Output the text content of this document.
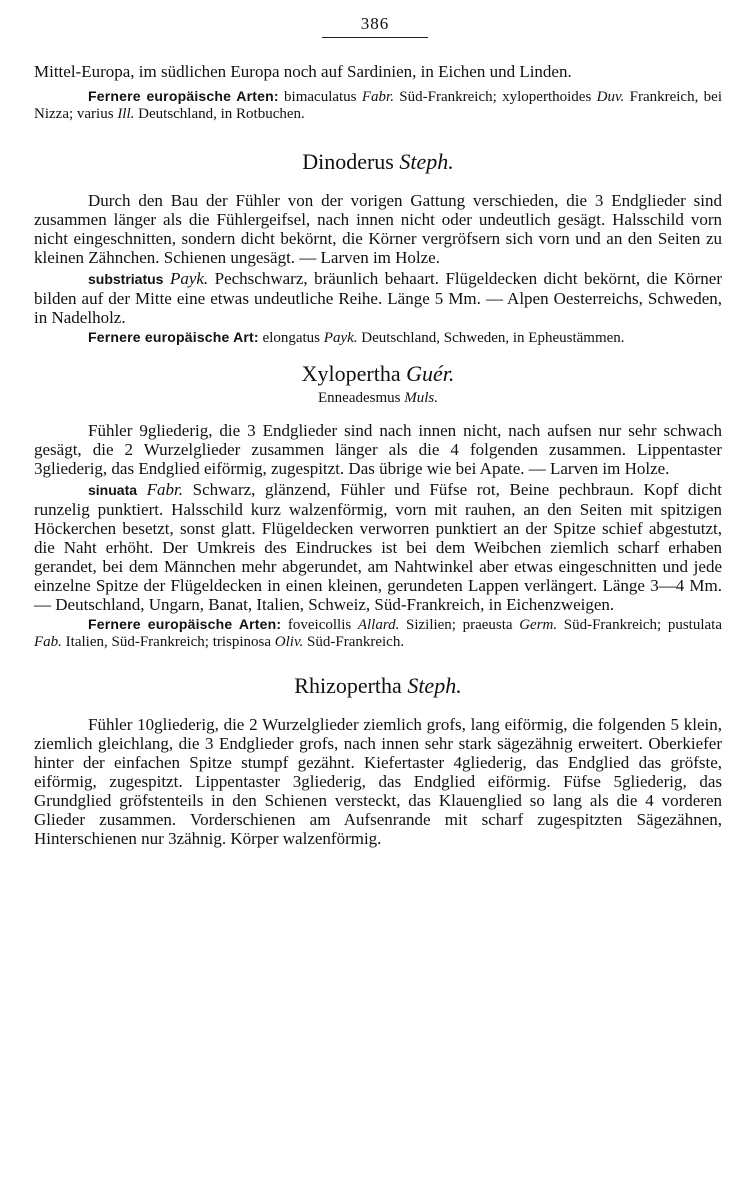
386

Mittel-Europa, im südlichen Europa noch auf Sardinien, in Eichen und Linden.

Fernere europäische Arten: bimaculatus Fabr. Süd-Frankreich; xyloperthoides Duv. Frankreich, bei Nizza; varius Ill. Deutschland, in Rotbuchen.

Dinoderus Steph.

Durch den Bau der Fühler von der vorigen Gattung verschieden, die 3 Endglieder sind zusammen länger als die Fühlergeifsel, nach innen nicht oder undeutlich gesägt. Halsschild vorn nicht eingeschnitten, sondern dicht bekörnt, die Körner vergröfsern sich vorn und an den Seiten zu kleinen Zähnchen. Schienen ungesägt. — Larven im Holze.

substriatus Payk. Pechschwarz, bräunlich behaart. Flügeldecken dicht bekörnt, die Körner bilden auf der Mitte eine etwas undeutliche Reihe. Länge 5 Mm. — Alpen Oesterreichs, Schweden, in Nadelholz.

Fernere europäische Art: elongatus Payk. Deutschland, Schweden, in Epheustämmen.

Xylopertha Guér.

Enneadesmus Muls.

Fühler 9gliederig, die 3 Endglieder sind nach innen nicht, nach aufsen nur sehr schwach gesägt, die 2 Wurzelglieder zusammen länger als die 4 folgenden zusammen. Lippentaster 3gliederig, das Endglied eiförmig, zugespitzt. Das übrige wie bei Apate. — Larven im Holze.

sinuata Fabr. Schwarz, glänzend, Fühler und Füfse rot, Beine pechbraun. Kopf dicht runzelig punktiert. Halsschild kurz walzenförmig, vorn mit rauhen, an den Seiten mit spitzigen Höckerchen besetzt, sonst glatt. Flügeldecken verworren punktiert an der Spitze schief abgestutzt, die Naht erhöht. Der Umkreis des Eindruckes ist bei dem Weibchen ziemlich scharf erhaben gerandet, bei dem Männchen mehr abgerundet, am Nahtwinkel aber etwas eingeschnitten und jede einzelne Spitze der Flügeldecken in einen kleinen, gerundeten Lappen verlängert. Länge 3—4 Mm. — Deutschland, Ungarn, Banat, Italien, Schweiz, Süd-Frankreich, in Eichenzweigen.

Fernere europäische Arten: foveicollis Allard. Sizilien; praeusta Germ. Süd-Frankreich; pustulata Fab. Italien, Süd-Frankreich; trispinosa Oliv. Süd-Frankreich.

Rhizopertha Steph.

Fühler 10gliederig, die 2 Wurzelglieder ziemlich grofs, lang eiförmig, die folgenden 5 klein, ziemlich gleichlang, die 3 Endglieder grofs, nach innen sehr stark sägezähnig erweitert. Oberkiefer hinter der einfachen Spitze stumpf gezähnt. Kiefertaster 4gliederig, das Endglied das gröfste, eiförmig, zugespitzt. Lippentaster 3gliederig, das Endglied eiförmig. Füfse 5gliederig, das Grundglied gröfstenteils in den Schienen versteckt, das Klauenglied so lang als die 4 vorderen Glieder zusammen. Vorderschienen am Aufsenrande mit scharf zugespitzten Sägezähnen, Hinterschienen nur 3zähnig. Körper walzenförmig.
